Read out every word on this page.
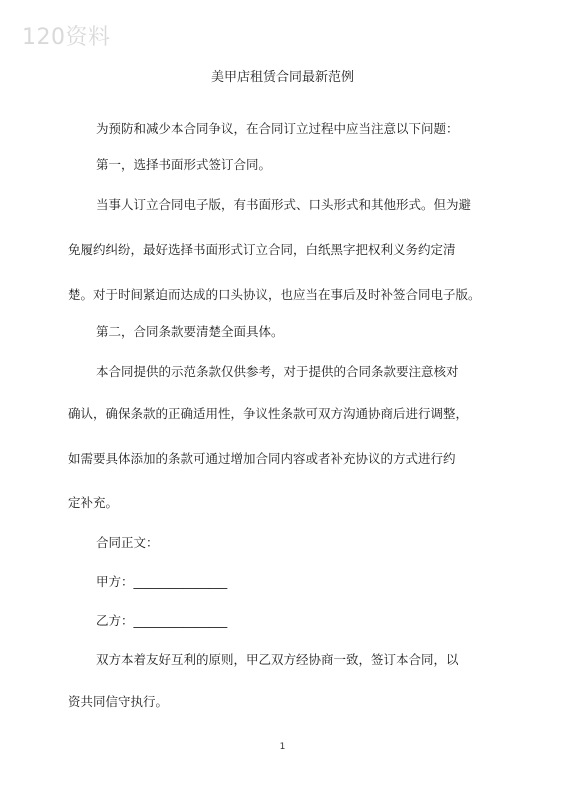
120资料
美甲店租赁合同最新范例
为预防和减少本合同争议，在合同订立过程中应当注意以下问题：
第一，选择书面形式签订合同。
当事人订立合同电子版，有书面形式、口头形式和其他形式。但为避
免履约纠纷，最好选择书面形式订立合同，白纸黑字把权利义务约定清
楚。对于时间紧迫而达成的口头协议，也应当在事后及时补签合同电子版。
第二，合同条款要清楚全面具体。
本合同提供的示范条款仅供参考，对于提供的合同条款要注意核对
确认，确保条款的正确适用性，争议性条款可双方沟通协商后进行调整，
如需要具体添加的条款可通过增加合同内容或者补充协议的方式进行约
定补充。
合同正文：
甲方：_______________
乙方：_______________
双方本着友好互利的原则，甲乙双方经协商一致，签订本合同，以
资共同信守执行。
1
